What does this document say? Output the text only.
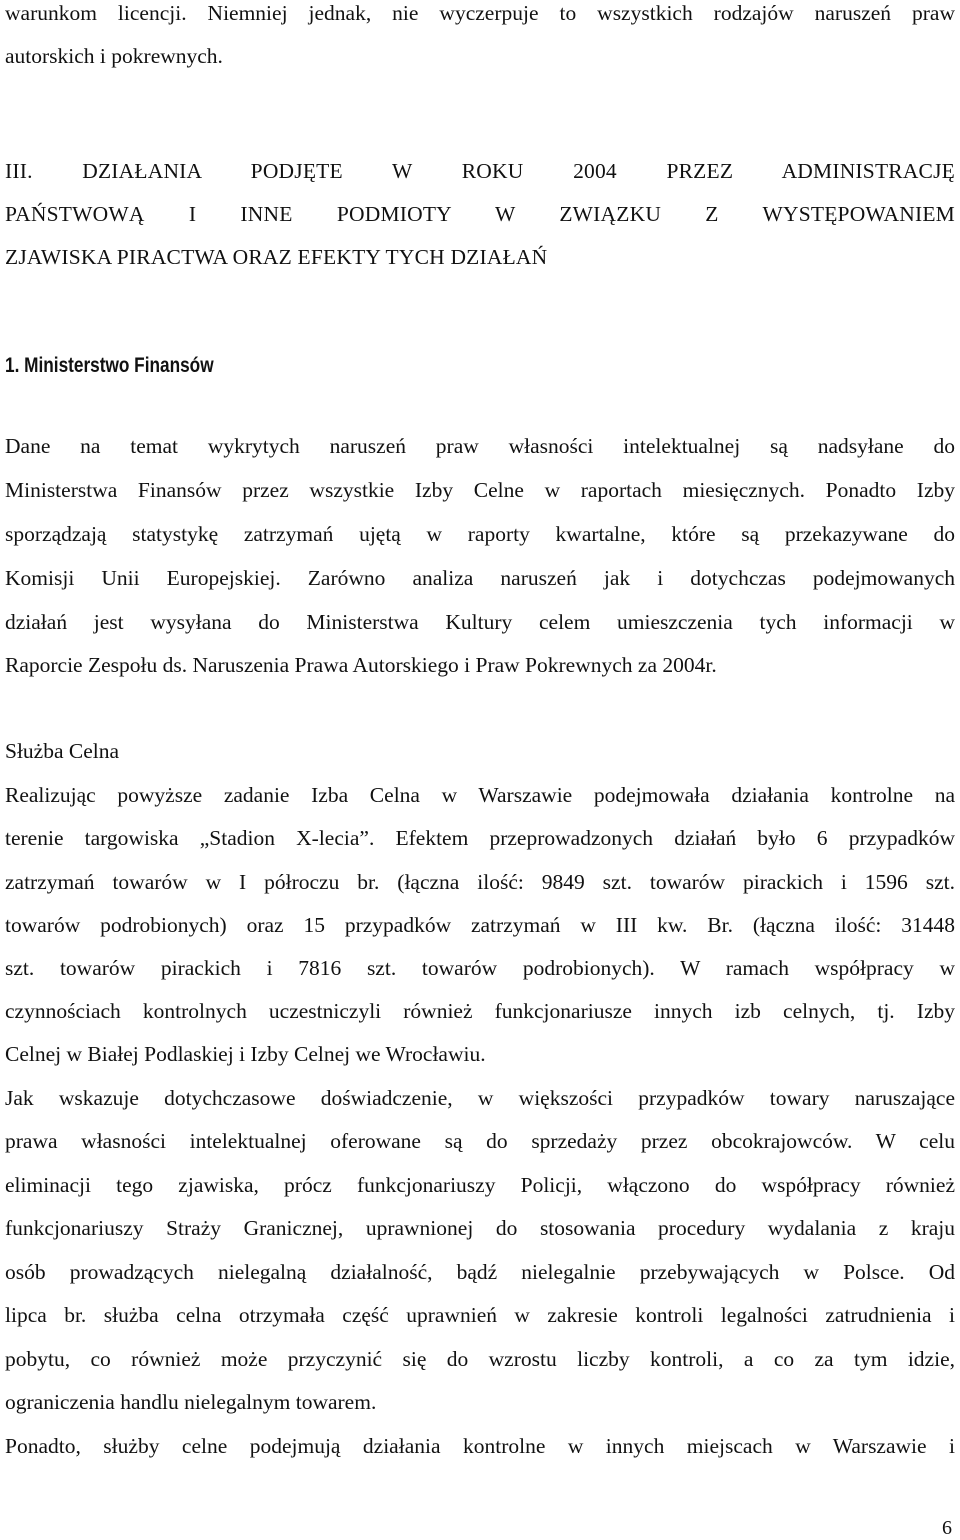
warunkom licencji. Niemniej jednak, nie wyczerpuje to wszystkich rodzajów naruszeń praw
autorskich i pokrewnych.
III. DZIAŁANIA PODJĘTE W ROKU 2004 PRZEZ ADMINISTRACJĘ
PAŃSTWOWĄ I INNE PODMIOTY W ZWIĄZKU Z WYSTĘPOWANIEM
ZJAWISKA PIRACTWA ORAZ EFEKTY TYCH DZIAŁAŃ
1. Ministerstwo Finansów
Dane na temat wykrytych naruszeń praw własności intelektualnej są nadsyłane do
Ministerstwa Finansów przez wszystkie Izby Celne w raportach miesięcznych. Ponadto Izby
sporządzają statystykę zatrzymań ujętą w raporty kwartalne, które są przekazywane do
Komisji Unii Europejskiej. Zarówno analiza naruszeń jak i dotychczas podejmowanych
działań jest wysyłana do Ministerstwa Kultury celem umieszczenia tych informacji w
Raporcie Zespołu ds. Naruszenia Prawa Autorskiego i Praw Pokrewnych za 2004r.
Służba Celna
Realizując powyższe zadanie Izba Celna w Warszawie podejmowała działania kontrolne na
terenie targowiska „Stadion X-lecia”. Efektem przeprowadzonych działań było 6 przypadków
zatrzymań towarów w I półroczu br. (łączna ilość: 9849 szt. towarów pirackich i 1596 szt.
towarów podrobionych) oraz 15 przypadków zatrzymań w III kw. Br. (łączna ilość: 31448
szt. towarów pirackich i 7816 szt. towarów podrobionych). W ramach współpracy w
czynnościach kontrolnych uczestniczyli również funkcjonariusze innych izb celnych, tj. Izby
Celnej w Białej Podlaskiej i Izby Celnej we Wrocławiu.
Jak wskazuje dotychczasowe doświadczenie, w większości przypadków towary naruszające
prawa własności intelektualnej oferowane są do sprzedaży przez obcokrajowców. W celu
eliminacji tego zjawiska, prócz funkcjonariuszy Policji, włączono do współpracy również
funkcjonariuszy Straży Granicznej, uprawnionej do stosowania procedury wydalania z kraju
osób prowadzących nielegalną działalność, bądź nielegalnie przebywających w Polsce. Od
lipca br. służba celna otrzymała część uprawnień w zakresie kontroli legalności zatrudnienia i
pobytu, co również może przyczynić się do wzrostu liczby kontroli, a co za tym idzie,
ograniczenia handlu nielegalnym towarem.
Ponadto, służby celne podejmują działania kontrolne w innych miejscach w Warszawie i
6
